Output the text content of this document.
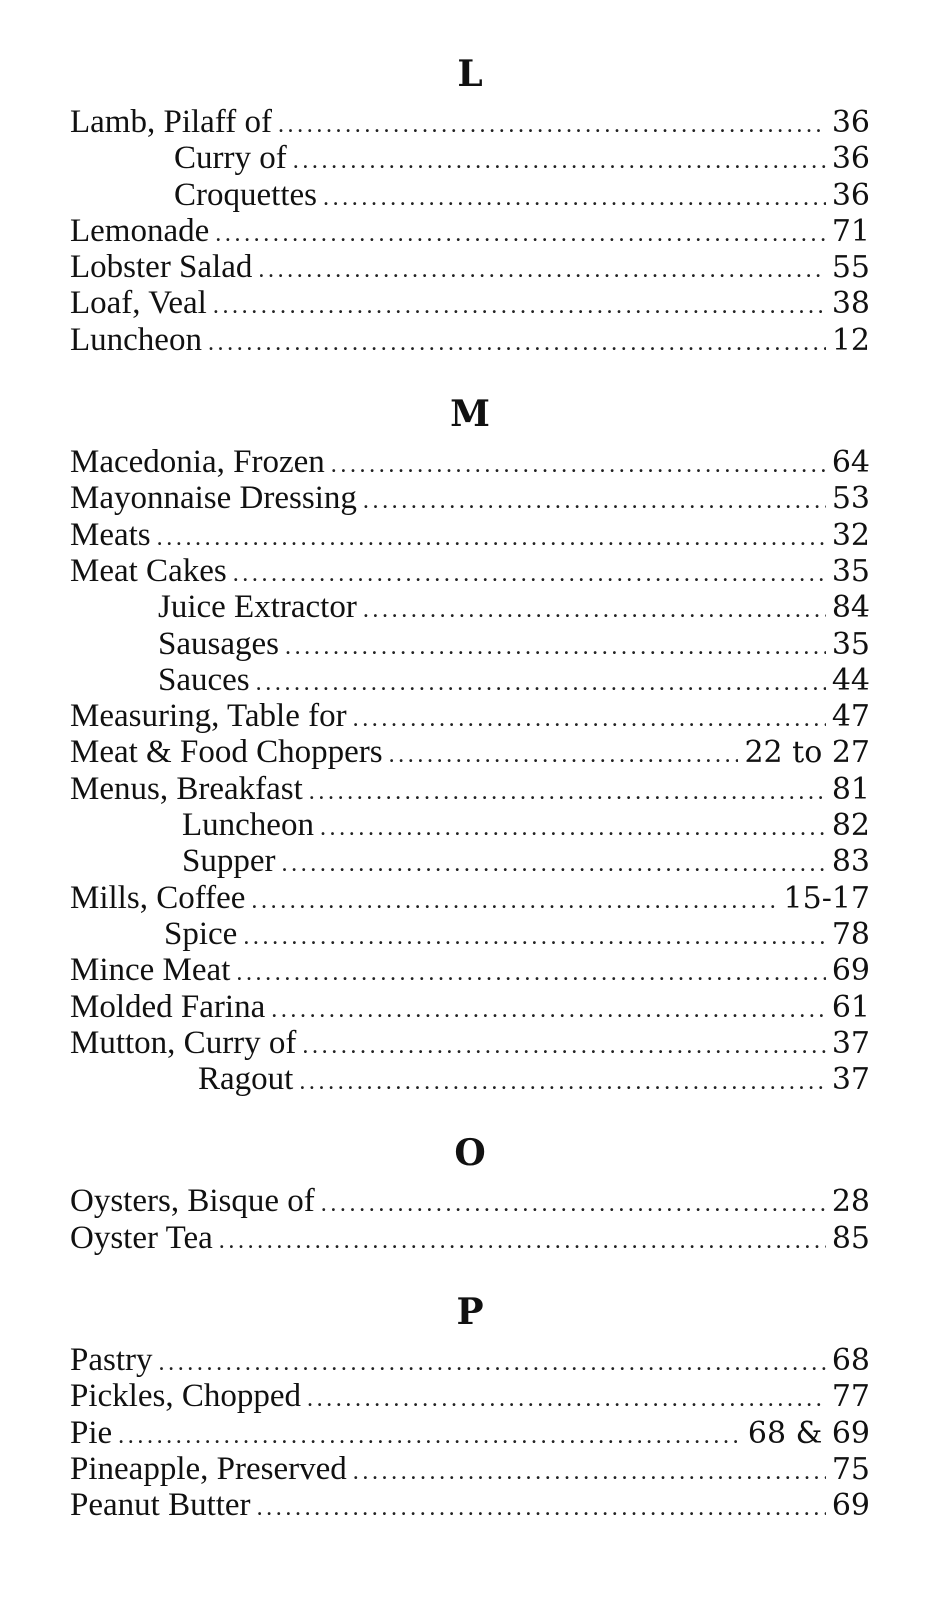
L
Lamb, Pilaff of . . .	36
Curry of . . .	36
Croquettes . . .	36
Lemonade . . .	71
Lobster Salad . . .	55
Loaf, Veal . . .	38
Luncheon . . .	12
M
Macedonia, Frozen . . .	64
Mayonnaise Dressing . . .	53
Meats . . .	32
Meat Cakes . . .	35
Juice Extractor . . .	84
Sausages . . .	35
Sauces . . .	44
Measuring, Table for . . .	47
Meat & Food Choppers . . .	22 to 27
Menus, Breakfast . . .	81
Luncheon . . .	82
Supper . . .	83
Mills, Coffee . . .	15-17
Spice . . .	78
Mince Meat . . .	69
Molded Farina . . .	61
Mutton, Curry of . . .	37
Ragout . . .	37
O
Oysters, Bisque of . . .	28
Oyster Tea . . .	85
P
Pastry . . .	68
Pickles, Chopped . . .	77
Pie . . .	68 & 69
Pineapple, Preserved . . .	75
Peanut Butter . . .	69
